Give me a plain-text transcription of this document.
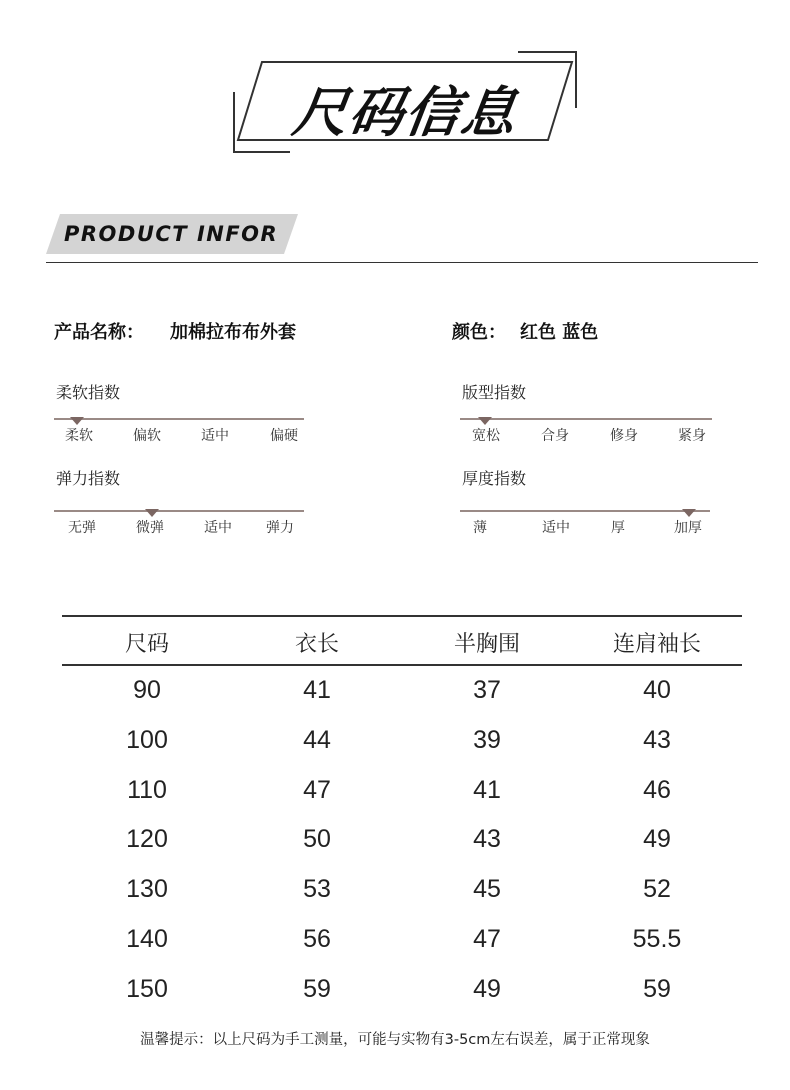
尺码信息
PRODUCT INFOR
产品名称： 加棉拉布布外套	颜色： 红色 蓝色
柔软指数
柔软	偏软	适中	偏硬
版型指数
宽松	合身	修身	紧身
弹力指数
无弹	微弹	适中	弹力
厚度指数
薄	适中	厚	加厚
尺码	衣长	半胸围	连肩袖长
90	41	37	40
100	44	39	43
110	47	41	46
120	50	43	49
130	53	45	52
140	56	47	55.5
150	59	49	59
温馨提示：以上尺码为手工测量，可能与实物有3-5cm左右误差，属于正常现象
